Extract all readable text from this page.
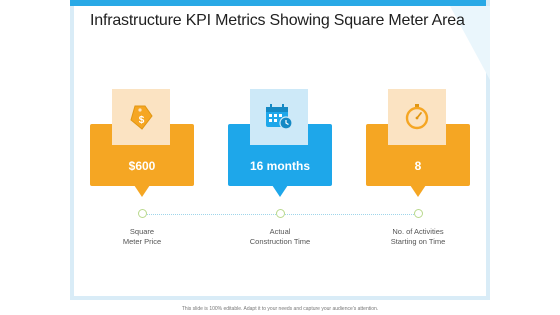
Infrastructure KPI Metrics Showing Square Meter Area
$
$600	16 months	8
Square
Meter Price
Actual
Construction Time
No. of Activities
Starting on Time
This slide is 100% editable. Adapt it to your needs and capture your audience's attention.
